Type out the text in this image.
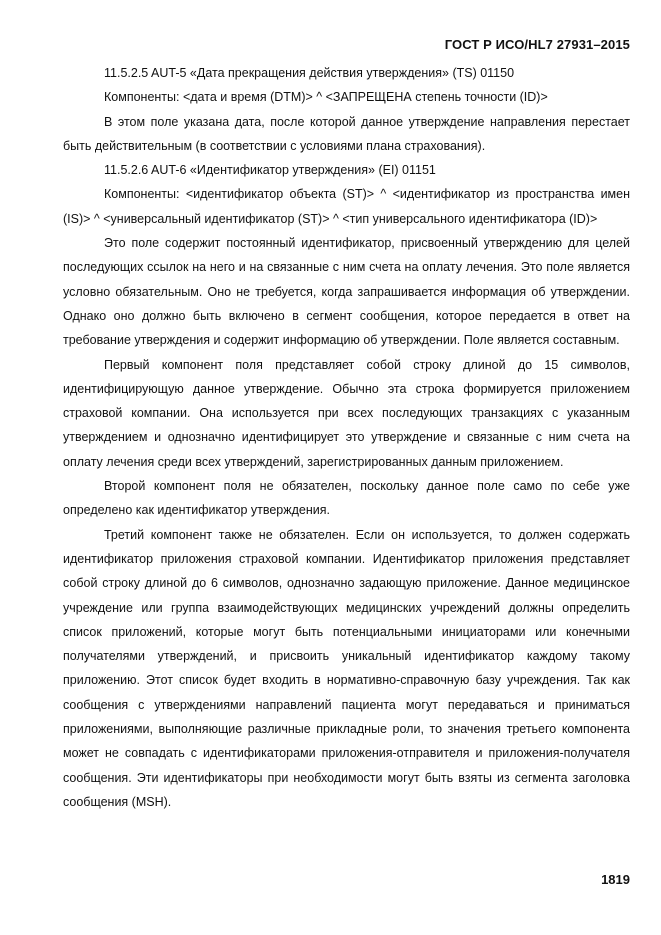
ГОСТ Р ИСО/HL7 27931–2015

11.5.2.5 AUT-5 «Дата прекращения действия утверждения» (TS) 01150

Компоненты: <дата и время (DTM)> ^ <ЗАПРЕЩЕНА степень точности (ID)>

В этом поле указана дата, после которой данное утверждение направления перестает быть действительным (в соответствии с условиями плана страхования).

11.5.2.6 AUT-6 «Идентификатор утверждения» (EI) 01151

Компоненты: <идентификатор объекта (ST)> ^ <идентификатор из пространства имен (IS)> ^ <универсальный идентификатор (ST)> ^ <тип универсального идентификатора (ID)>

Это поле содержит постоянный идентификатор, присвоенный утверждению для целей последующих ссылок на него и на связанные с ним счета на оплату лечения. Это поле является условно обязательным. Оно не требуется, когда запрашивается информация об утверждении. Однако оно должно быть включено в сегмент сообщения, которое передается в ответ на требование утверждения и содержит информацию об утверждении. Поле является составным.

Первый компонент поля представляет собой строку длиной до 15 символов, идентифицирующую данное утверждение. Обычно эта строка формируется приложением страховой компании. Она используется при всех последующих транзакциях с указанным утверждением и однозначно идентифицирует это утверждение и связанные с ним счета на оплату лечения среди всех утверждений, зарегистрированных данным приложением.

Второй компонент поля не обязателен, поскольку данное поле само по себе уже определено как идентификатор утверждения.

Третий компонент также не обязателен. Если он используется, то должен содержать идентификатор приложения страховой компании. Идентификатор приложения представляет собой строку длиной до 6 символов, однозначно задающую приложение. Данное медицинское учреждение или группа взаимодействующих медицинских учреждений должны определить список приложений, которые могут быть потенциальными инициаторами или конечными получателями утверждений, и присвоить уникальный идентификатор каждому такому приложению. Этот список будет входить в нормативно-справочную базу учреждения. Так как сообщения с утверждениями направлений пациента могут передаваться и приниматься приложениями, выполняющие различные прикладные роли, то значения третьего компонента может не совпадать с идентификаторами приложения-отправителя и приложения-получателя сообщения. Эти идентификаторы при необходимости могут быть взяты из сегмента заголовка сообщения (MSH).

1819
